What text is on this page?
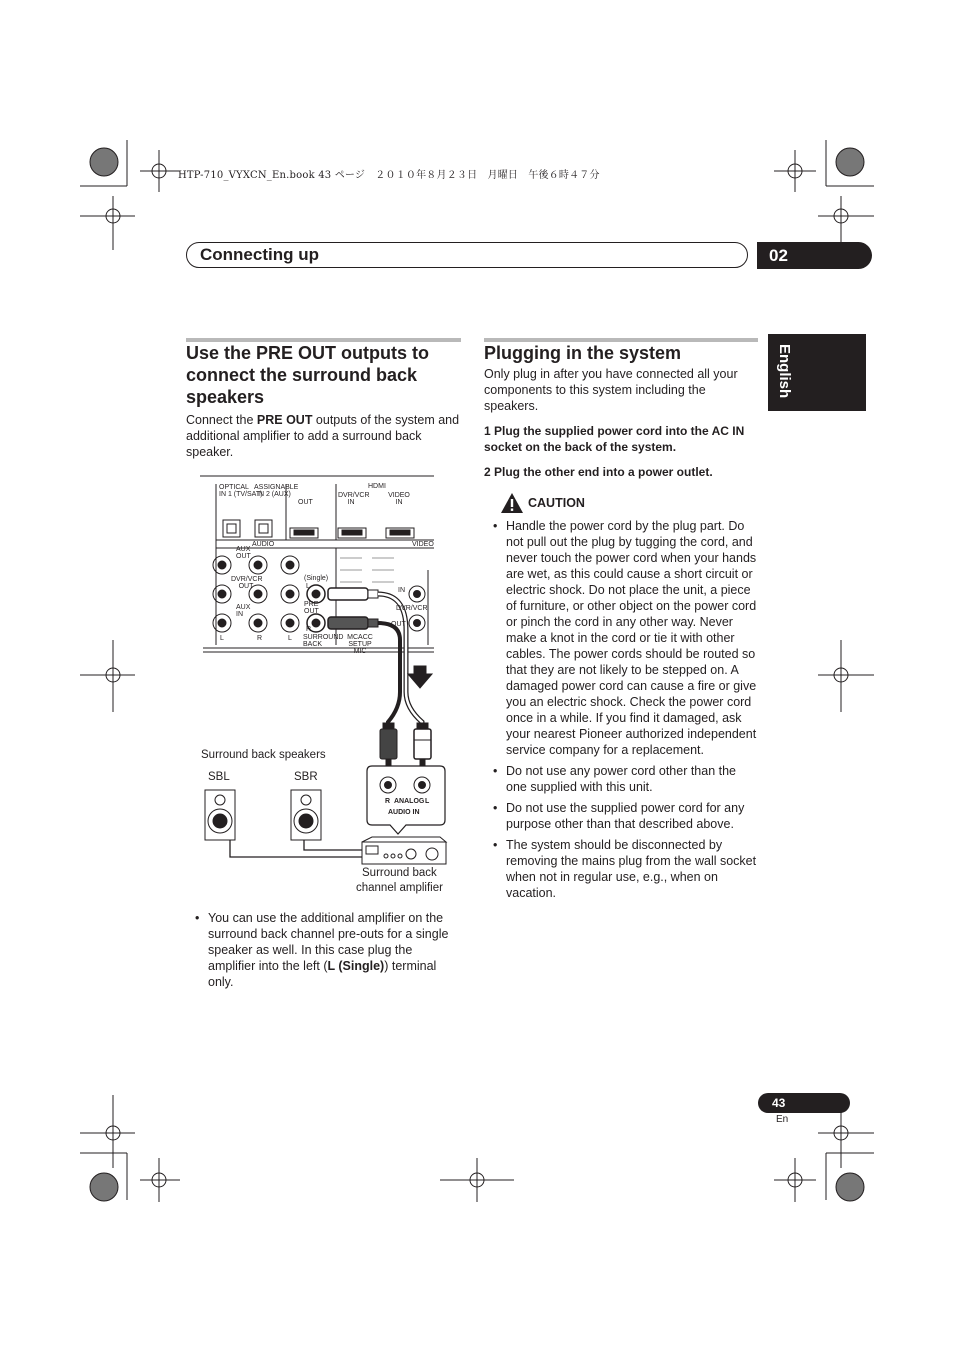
HTP-710_VYXCN_En.book 43 ページ　２０１０年８月２３日　月曜日　午後６時４７分
Connecting up	02
English
Use the PRE OUT outputs to connect the surround back speakers

Connect the PRE OUT outputs of the system and additional amplifier to add a surround back speaker.

OPTICAL
IN 1 (TV/SAT)
ASSIGNABLE
IN 2 (AUX)
HDMI
OUT
DVR/VCR IN
VIDEO IN
AUDIO	VIDEO
AUX OUT
DVR/VCR OUT
AUX IN
(Single)
PRE OUT
SURROUND BACK
MCACC SETUP MIC
DVR/VCR
IN
OUT
L	R	L
L
R
Surround back speakers
SBL	SBR
R ANALOG L
AUDIO IN
Surround back
channel amplifier
• You can use the additional amplifier on the surround back channel pre-outs for a single speaker as well. In this case plug the amplifier into the left (L (Single)) terminal only.
Plugging in the system

Only plug in after you have connected all your components to this system including the speakers.

1 Plug the supplied power cord into the AC IN socket on the back of the system.

2 Plug the other end into a power outlet.

CAUTION
• Handle the power cord by the plug part. Do not pull out the plug by tugging the cord, and never touch the power cord when your hands are wet, as this could cause a short circuit or electric shock. Do not place the unit, a piece of furniture, or other object on the power cord or pinch the cord in any other way. Never make a knot in the cord or tie it with other cables. The power cords should be routed so that they are not likely to be stepped on. A damaged power cord can cause a fire or give you an electric shock. Check the power cord once in a while. If you find it damaged, ask your nearest Pioneer authorized independent service company for a replacement.
• Do not use any power cord other than the one supplied with this unit.
• Do not use the supplied power cord for any purpose other than that described above.
• The system should be disconnected by removing the mains plug from the wall socket when not in regular use, e.g., when on vacation.
43
En
